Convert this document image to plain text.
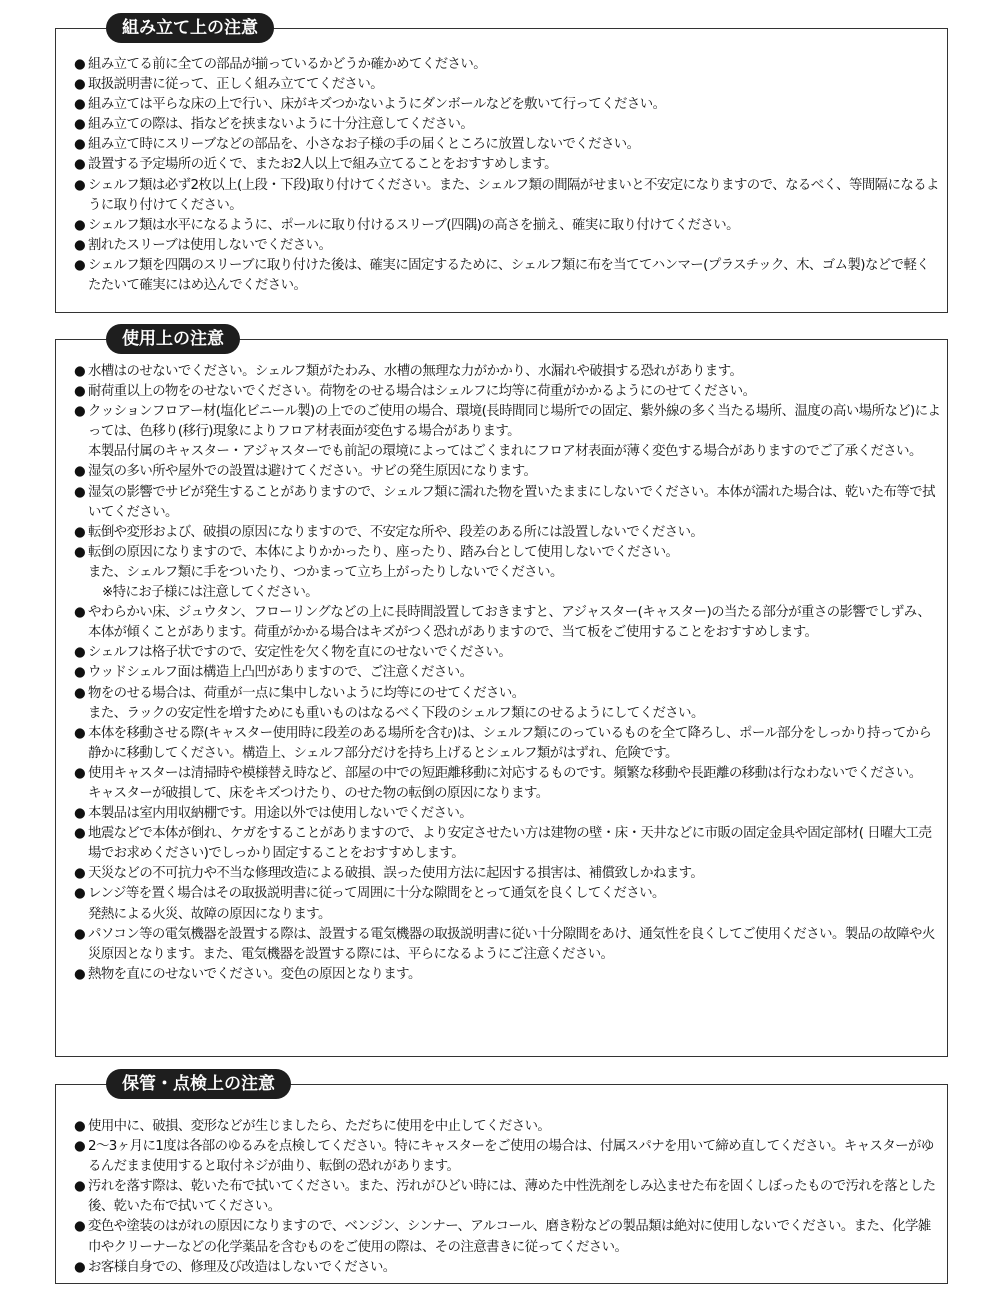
組み立て上の注意
● 組み立てる前に全ての部品が揃っているかどうか確かめてください。
● 取扱説明書に従って、正しく組み立ててください。
● 組み立ては平らな床の上で行い、床がキズつかないようにダンボールなどを敷いて行ってください。
● 組み立ての際は、指などを挟まないように十分注意してください。
● 組み立て時にスリーブなどの部品を、小さなお子様の手の届くところに放置しないでください。
● 設置する予定場所の近くで、またお2人以上で組み立てることをおすすめします。
● シェルフ類は必ず2枚以上(上段・下段)取り付けてください。また、シェルフ類の間隔がせまいと不安定になりますので、なるべく、等間隔になるように取り付けてください。
● シェルフ類は水平になるように、ポールに取り付けるスリーブ(四隅)の高さを揃え、確実に取り付けてください。
● 割れたスリーブは使用しないでください。
● シェルフ類を四隅のスリーブに取り付けた後は、確実に固定するために、シェルフ類に布を当ててハンマー(プラスチック、木、ゴム製)などで軽くたたいて確実にはめ込んでください。
使用上の注意
● 水槽はのせないでください。シェルフ類がたわみ、水槽の無理な力がかかり、水漏れや破損する恐れがあります。
● 耐荷重以上の物をのせないでください。荷物をのせる場合はシェルフに均等に荷重がかかるようにのせてください。
● クッションフロアー材(塩化ビニール製)の上でのご使用の場合、環境(長時間同じ場所での固定、紫外線の多く当たる場所、温度の高い場所など)によっては、色移り(移行)現象によりフロア材表面が変色する場合があります。
本製品付属のキャスター・アジャスターでも前記の環境によってはごくまれにフロア材表面が薄く変色する場合がありますのでご了承ください。
● 湿気の多い所や屋外での設置は避けてください。サビの発生原因になります。
● 湿気の影響でサビが発生することがありますので、シェルフ類に濡れた物を置いたままにしないでください。本体が濡れた場合は、乾いた布等で拭いてください。
● 転倒や変形および、破損の原因になりますので、不安定な所や、段差のある所には設置しないでください。
● 転倒の原因になりますので、本体によりかかったり、座ったり、踏み台として使用しないでください。
また、シェルフ類に手をついたり、つかまって立ち上がったりしないでください。
※特にお子様には注意してください。
● やわらかい床、ジュウタン、フローリングなどの上に長時間設置しておきますと、アジャスター(キャスター)の当たる部分が重さの影響でしずみ、本体が傾くことがあります。荷重がかかる場合はキズがつく恐れがありますので、当て板をご使用することをおすすめします。
● シェルフは格子状ですので、安定性を欠く物を直にのせないでください。
● ウッドシェルフ面は構造上凸凹がありますので、ご注意ください。
● 物をのせる場合は、荷重が一点に集中しないように均等にのせてください。
また、ラックの安定性を増すためにも重いものはなるべく下段のシェルフ類にのせるようにしてください。
● 本体を移動させる際(キャスター使用時に段差のある場所を含む)は、シェルフ類にのっているものを全て降ろし、ポール部分をしっかり持ってから静かに移動してください。構造上、シェルフ部分だけを持ち上げるとシェルフ類がはずれ、危険です。
● 使用キャスターは清掃時や模様替え時など、部屋の中での短距離移動に対応するものです。頻繁な移動や長距離の移動は行なわないでください。
キャスターが破損して、床をキズつけたり、のせた物の転倒の原因になります。
● 本製品は室内用収納棚です。用途以外では使用しないでください。
● 地震などで本体が倒れ、ケガをすることがありますので、より安定させたい方は建物の壁・床・天井などに市販の固定金具や固定部材( 日曜大工売場でお求めください)でしっかり固定することをおすすめします。
● 天災などの不可抗力や不当な修理改造による破損、誤った使用方法に起因する損害は、補償致しかねます。
● レンジ等を置く場合はその取扱説明書に従って周囲に十分な隙間をとって通気を良くしてください。
発熱による火災、故障の原因になります。
● パソコン等の電気機器を設置する際は、設置する電気機器の取扱説明書に従い十分隙間をあけ、通気性を良くしてご使用ください。製品の故障や火災原因となります。また、電気機器を設置する際には、平らになるようにご注意ください。
● 熱物を直にのせないでください。変色の原因となります。
保管・点検上の注意
● 使用中に、破損、変形などが生じましたら、ただちに使用を中止してください。
● 2～3ヶ月に1度は各部のゆるみを点検してください。特にキャスターをご使用の場合は、付属スパナを用いて締め直してください。キャスターがゆるんだまま使用すると取付ネジが曲り、転倒の恐れがあります。
● 汚れを落す際は、乾いた布で拭いてください。また、汚れがひどい時には、薄めた中性洗剤をしみ込ませた布を固くしぼったもので汚れを落とした後、乾いた布で拭いてください。
● 変色や塗装のはがれの原因になりますので、ベンジン、シンナー、アルコール、磨き粉などの製品類は絶対に使用しないでください。また、化学雑巾やクリーナーなどの化学薬品を含むものをご使用の際は、その注意書きに従ってください。
● お客様自身での、修理及び改造はしないでください。
